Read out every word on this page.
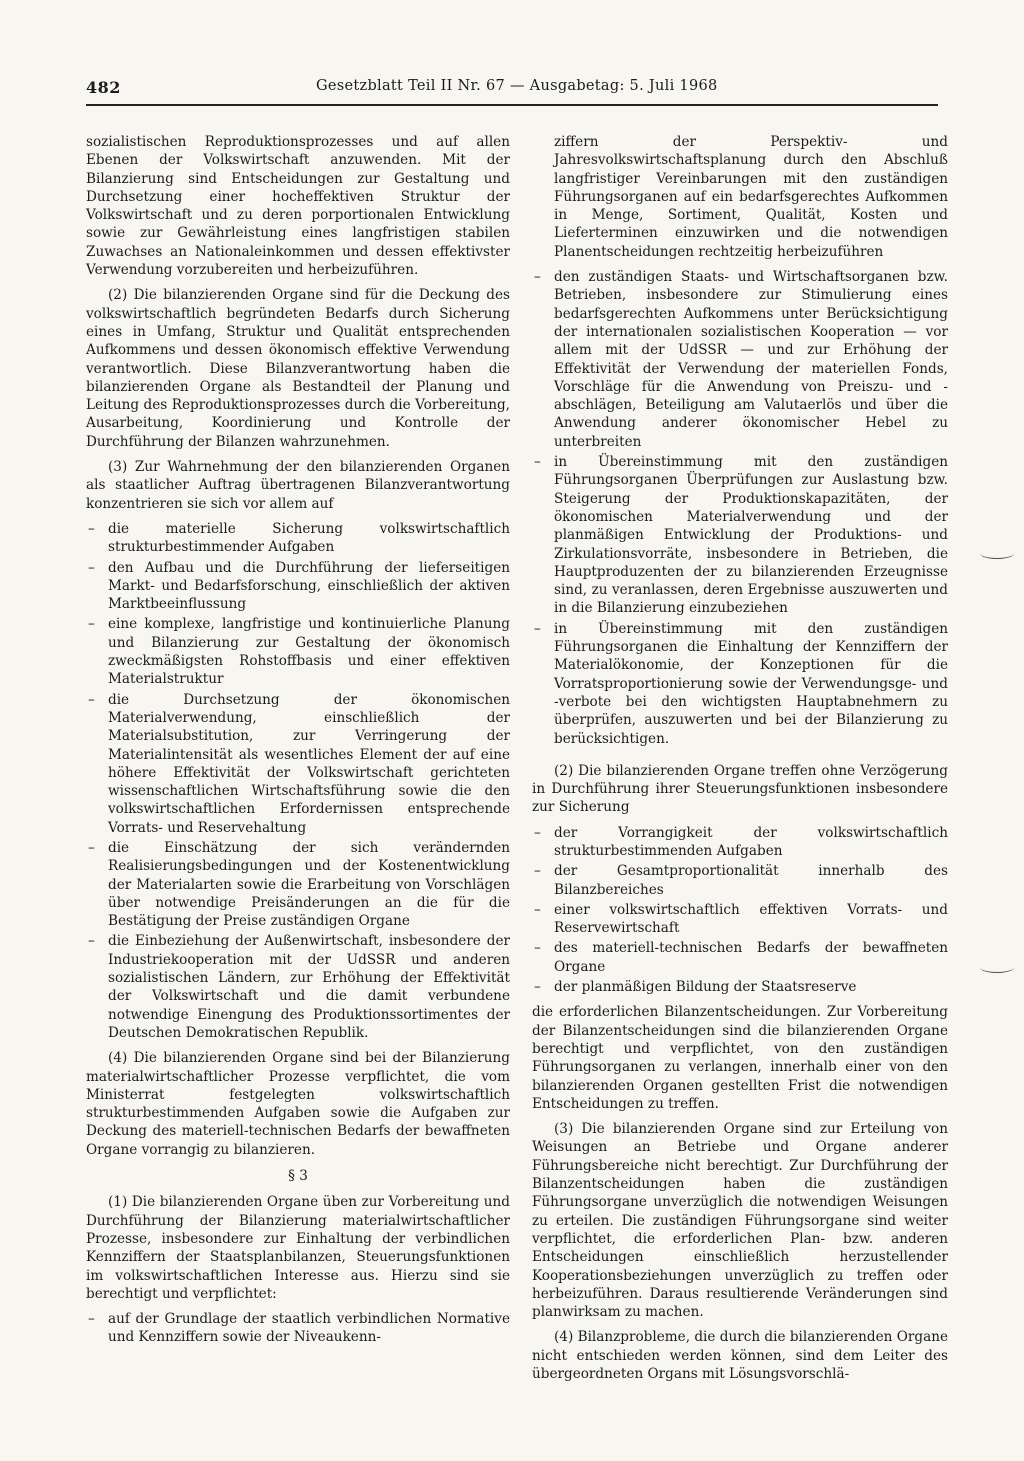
482	Gesetzblatt Teil II Nr. 67 — Ausgabetag: 5. Juli 1968

sozialistischen Reproduktionsprozesses und auf allen Ebenen der Volkswirtschaft anzuwenden. Mit der Bilanzierung sind Entscheidungen zur Gestaltung und Durchsetzung einer hocheffektiven Struktur der Volkswirtschaft und zu deren porportionalen Entwicklung sowie zur Gewährleistung eines langfristigen stabilen Zuwachses an Nationaleinkommen und dessen effektivster Verwendung vorzubereiten und herbeizuführen.

(2) Die bilanzierenden Organe sind für die Deckung des volkswirtschaftlich begründeten Bedarfs durch Sicherung eines in Umfang, Struktur und Qualität entsprechenden Aufkommens und dessen ökonomisch effektive Verwendung verantwortlich. Diese Bilanzverantwortung haben die bilanzierenden Organe als Bestandteil der Planung und Leitung des Reproduktionsprozesses durch die Vorbereitung, Ausarbeitung, Koordinierung und Kontrolle der Durchführung der Bilanzen wahrzunehmen.

(3) Zur Wahrnehmung der den bilanzierenden Organen als staatlicher Auftrag übertragenen Bilanzverantwortung konzentrieren sie sich vor allem auf

– die materielle Sicherung volkswirtschaftlich strukturbestimmender Aufgaben
– den Aufbau und die Durchführung der lieferseitigen Markt- und Bedarfsforschung, einschließlich der aktiven Marktbeeinflussung
– eine komplexe, langfristige und kontinuierliche Planung und Bilanzierung zur Gestaltung der ökonomisch zweckmäßigsten Rohstoffbasis und einer effektiven Materialstruktur
– die Durchsetzung der ökonomischen Materialverwendung, einschließlich der Materialsubstitution, zur Verringerung der Materialintensität als wesentliches Element der auf eine höhere Effektivität der Volkswirtschaft gerichteten wissenschaftlichen Wirtschaftsführung sowie die den volkswirtschaftlichen Erfordernissen entsprechende Vorrats- und Reservehaltung
– die Einschätzung der sich verändernden Realisierungsbedingungen und der Kostenentwicklung der Materialarten sowie die Erarbeitung von Vorschlägen über notwendige Preisänderungen an die für die Bestätigung der Preise zuständigen Organe
– die Einbeziehung der Außenwirtschaft, insbesondere der Industriekooperation mit der UdSSR und anderen sozialistischen Ländern, zur Erhöhung der Effektivität der Volkswirtschaft und die damit verbundene notwendige Einengung des Produktionssortimentes der Deutschen Demokratischen Republik.

(4) Die bilanzierenden Organe sind bei der Bilanzierung materialwirtschaftlicher Prozesse verpflichtet, die vom Ministerrat festgelegten volkswirtschaftlich strukturbestimmenden Aufgaben sowie die Aufgaben zur Deckung des materiell-technischen Bedarfs der bewaffneten Organe vorrangig zu bilanzieren.

§ 3

(1) Die bilanzierenden Organe üben zur Vorbereitung und Durchführung der Bilanzierung materialwirtschaftlicher Prozesse, insbesondere zur Einhaltung der verbindlichen Kennziffern der Staatsplanbilanzen, Steuerungsfunktionen im volkswirtschaftlichen Interesse aus. Hierzu sind sie berechtigt und verpflichtet:

– auf der Grundlage der staatlich verbindlichen Normative und Kennziffern sowie der Niveaukenn-

ziffern der Perspektiv- und Jahresvolkswirtschaftsplanung durch den Abschluß langfristiger Vereinbarungen mit den zuständigen Führungsorganen auf ein bedarfsgerechtes Aufkommen in Menge, Sortiment, Qualität, Kosten und Lieferterminen einzuwirken und die notwendigen Planentscheidungen rechtzeitig herbeizuführen

– den zuständigen Staats- und Wirtschaftsorganen bzw. Betrieben, insbesondere zur Stimulierung eines bedarfsgerechten Aufkommens unter Berücksichtigung der internationalen sozialistischen Kooperation — vor allem mit der UdSSR — und zur Erhöhung der Effektivität der Verwendung der materiellen Fonds, Vorschläge für die Anwendung von Preiszu- und -abschlägen, Beteiligung am Valutaerlös und über die Anwendung anderer ökonomischer Hebel zu unterbreiten
– in Übereinstimmung mit den zuständigen Führungsorganen Überprüfungen zur Auslastung bzw. Steigerung der Produktionskapazitäten, der ökonomischen Materialverwendung und der planmäßigen Entwicklung der Produktions- und Zirkulationsvorräte, insbesondere in Betrieben, die Hauptproduzenten der zu bilanzierenden Erzeugnisse sind, zu veranlassen, deren Ergebnisse auszuwerten und in die Bilanzierung einzubeziehen
– in Übereinstimmung mit den zuständigen Führungsorganen die Einhaltung der Kennziffern der Materialökonomie, der Konzeptionen für die Vorratsproportionierung sowie der Verwendungsge- und -verbote bei den wichtigsten Hauptabnehmern zu überprüfen, auszuwerten und bei der Bilanzierung zu berücksichtigen.

(2) Die bilanzierenden Organe treffen ohne Verzögerung in Durchführung ihrer Steuerungsfunktionen insbesondere zur Sicherung

– der Vorrangigkeit der volkswirtschaftlich strukturbestimmenden Aufgaben
– der Gesamtproportionalität innerhalb des Bilanzbereiches
– einer volkswirtschaftlich effektiven Vorrats- und Reservewirtschaft
– des materiell-technischen Bedarfs der bewaffneten Organe
– der planmäßigen Bildung der Staatsreserve

die erforderlichen Bilanzentscheidungen. Zur Vorbereitung der Bilanzentscheidungen sind die bilanzierenden Organe berechtigt und verpflichtet, von den zuständigen Führungsorganen zu verlangen, innerhalb einer von den bilanzierenden Organen gestellten Frist die notwendigen Entscheidungen zu treffen.

(3) Die bilanzierenden Organe sind zur Erteilung von Weisungen an Betriebe und Organe anderer Führungsbereiche nicht berechtigt. Zur Durchführung der Bilanzentscheidungen haben die zuständigen Führungsorgane unverzüglich die notwendigen Weisungen zu erteilen. Die zuständigen Führungsorgane sind weiter verpflichtet, die erforderlichen Plan- bzw. anderen Entscheidungen einschließlich herzustellender Kooperationsbeziehungen unverzüglich zu treffen oder herbeizuführen. Daraus resultierende Veränderungen sind planwirksam zu machen.

(4) Bilanzprobleme, die durch die bilanzierenden Organe nicht entschieden werden können, sind dem Leiter des übergeordneten Organs mit Lösungsvorschlä-
